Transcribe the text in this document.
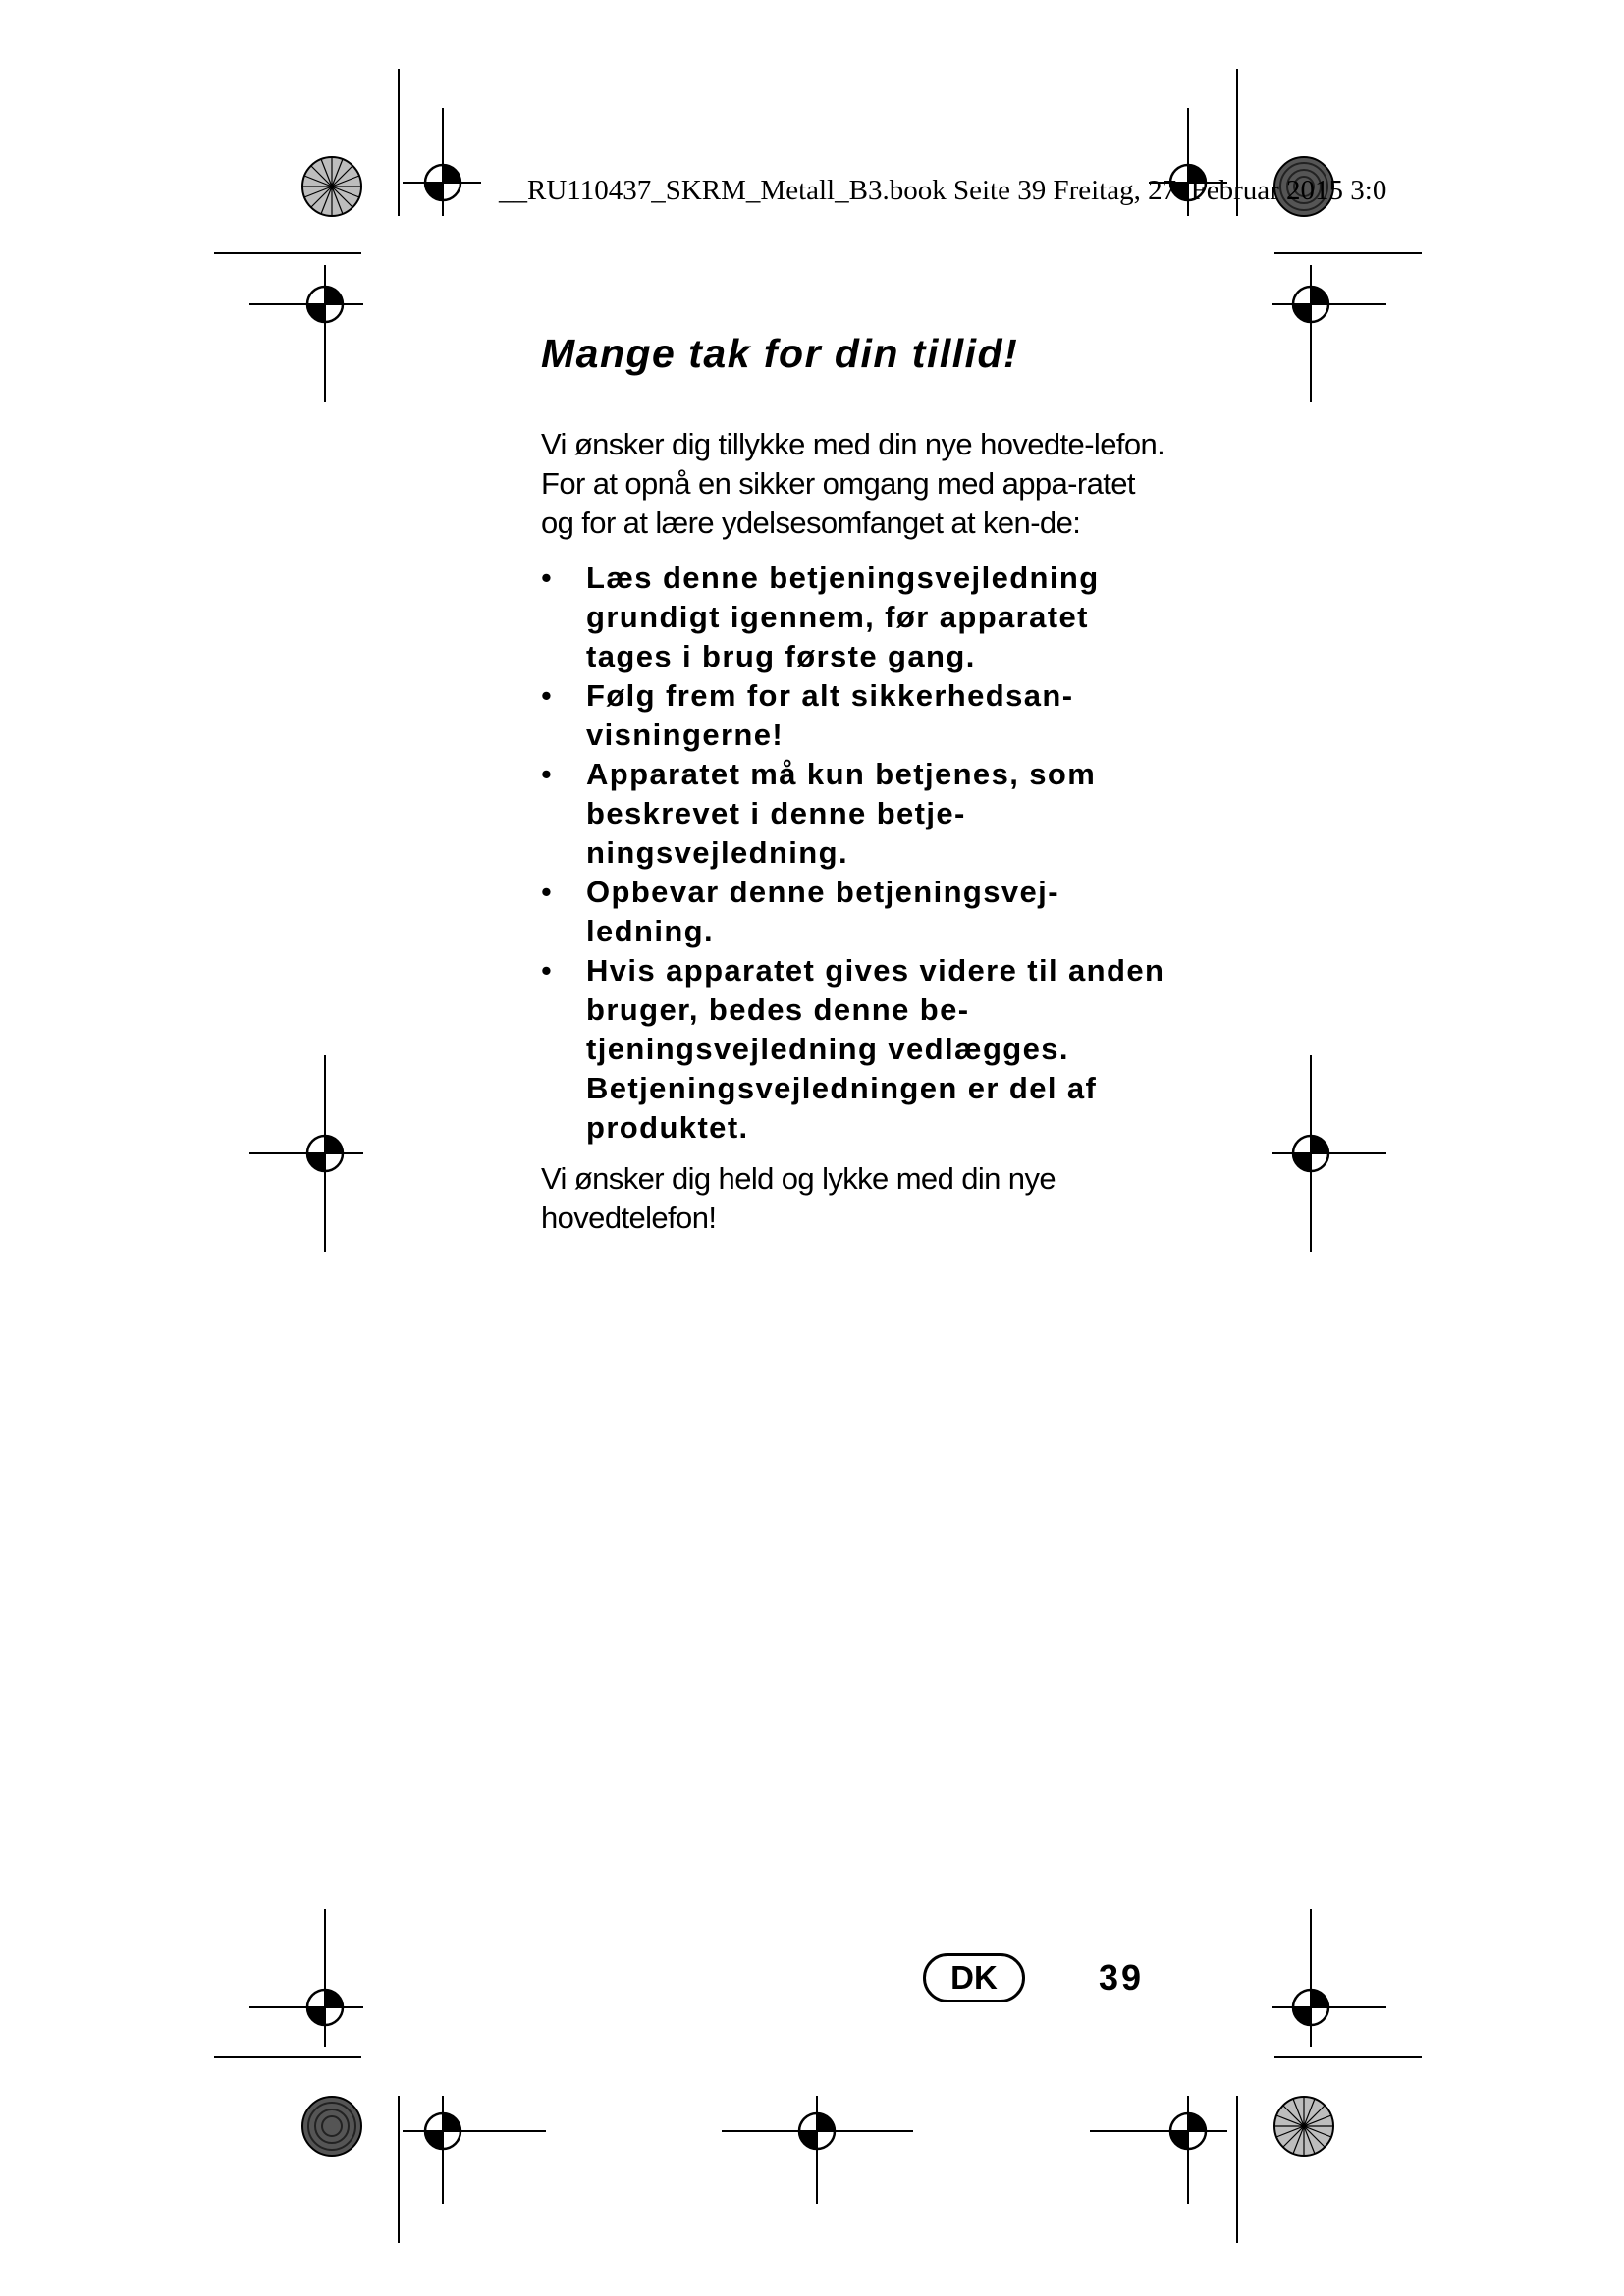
__RU110437_SKRM_Metall_B3.book Seite 39 Freitag, 27. Februar 2015 3:0
Mange tak for din tillid!

Vi ønsker dig tillykke med din nye hovedte-lefon.

For at opnå en sikker omgang med appa-ratet og for at lære ydelsesomfanget at ken-de:

•	Læs denne betjeningsvejledning grundigt igennem, før apparatet tages i brug første gang.
•	Følg frem for alt sikkerhedsan-visningerne!
•	Apparatet må kun betjenes, som beskrevet i denne betje-ningsvejledning.
•	Opbevar denne betjeningsvej-ledning.
•	Hvis apparatet gives videre til anden bruger, bedes denne be-tjeningsvejledning vedlægges. Betjeningsvejledningen er del af produktet.

Vi ønsker dig held og lykke med din nye hovedtelefon!

DK	39
